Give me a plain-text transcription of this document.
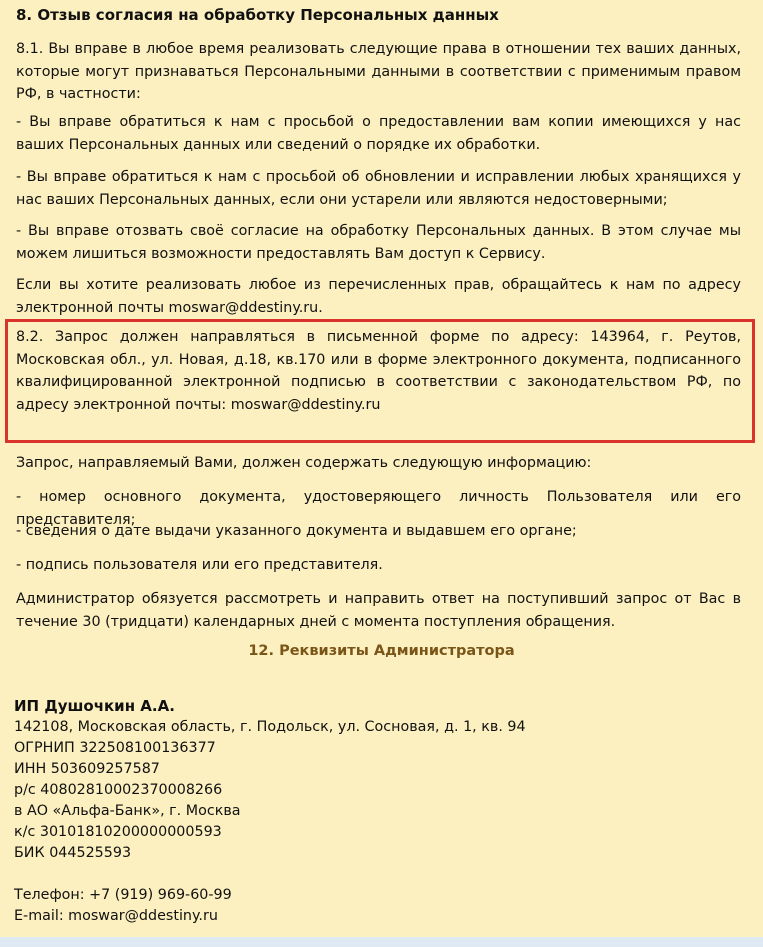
8. Отзыв согласия на обработку Персональных данных

8.1. Вы вправе в любое время реализовать следующие права в отношении тех ваших данных, которые могут признаваться Персональными данными в соответствии с применимым правом РФ, в частности:

- Вы вправе обратиться к нам с просьбой о предоставлении вам копии имеющихся у нас ваших Персональных данных или сведений о порядке их обработки.

- Вы вправе обратиться к нам с просьбой об обновлении и исправлении любых хранящихся у нас ваших Персональных данных, если они устарели или являются недостоверными;

- Вы вправе отозвать своё согласие на обработку Персональных данных. В этом случае мы можем лишиться возможности предоставлять Вам доступ к Сервису.

Если вы хотите реализовать любое из перечисленных прав, обращайтесь к нам по адресу электронной почты moswar@ddestiny.ru.

8.2. Запрос должен направляться в письменной форме по адресу: 143964, г. Реутов, Московская обл., ул. Новая, д.18, кв.170 или в форме электронного документа, подписанного квалифицированной электронной подписью в соответствии с законодательством РФ, по адресу электронной почты: moswar@ddestiny.ru

Запрос, направляемый Вами, должен содержать следующую информацию:

- номер основного документа, удостоверяющего личность Пользователя или его представителя;

- сведения о дате выдачи указанного документа и выдавшем его органе;

- подпись пользователя или его представителя.

Администратор обязуется рассмотреть и направить ответ на поступивший запрос от Вас в течение 30 (тридцати) календарных дней с момента поступления обращения.

12. Реквизиты Администратора
ИП Душочкин А.А.
142108, Московская область, г. Подольск, ул. Сосновая, д. 1, кв. 94
ОГРНИП 322508100136377
ИНН 503609257587
р/с 40802810002370008266
в АО «Альфа-Банк», г. Москва
к/с 30101810200000000593
БИК 044525593
Телефон: +7 (919) 969-60-99
E-mail: moswar@ddestiny.ru
